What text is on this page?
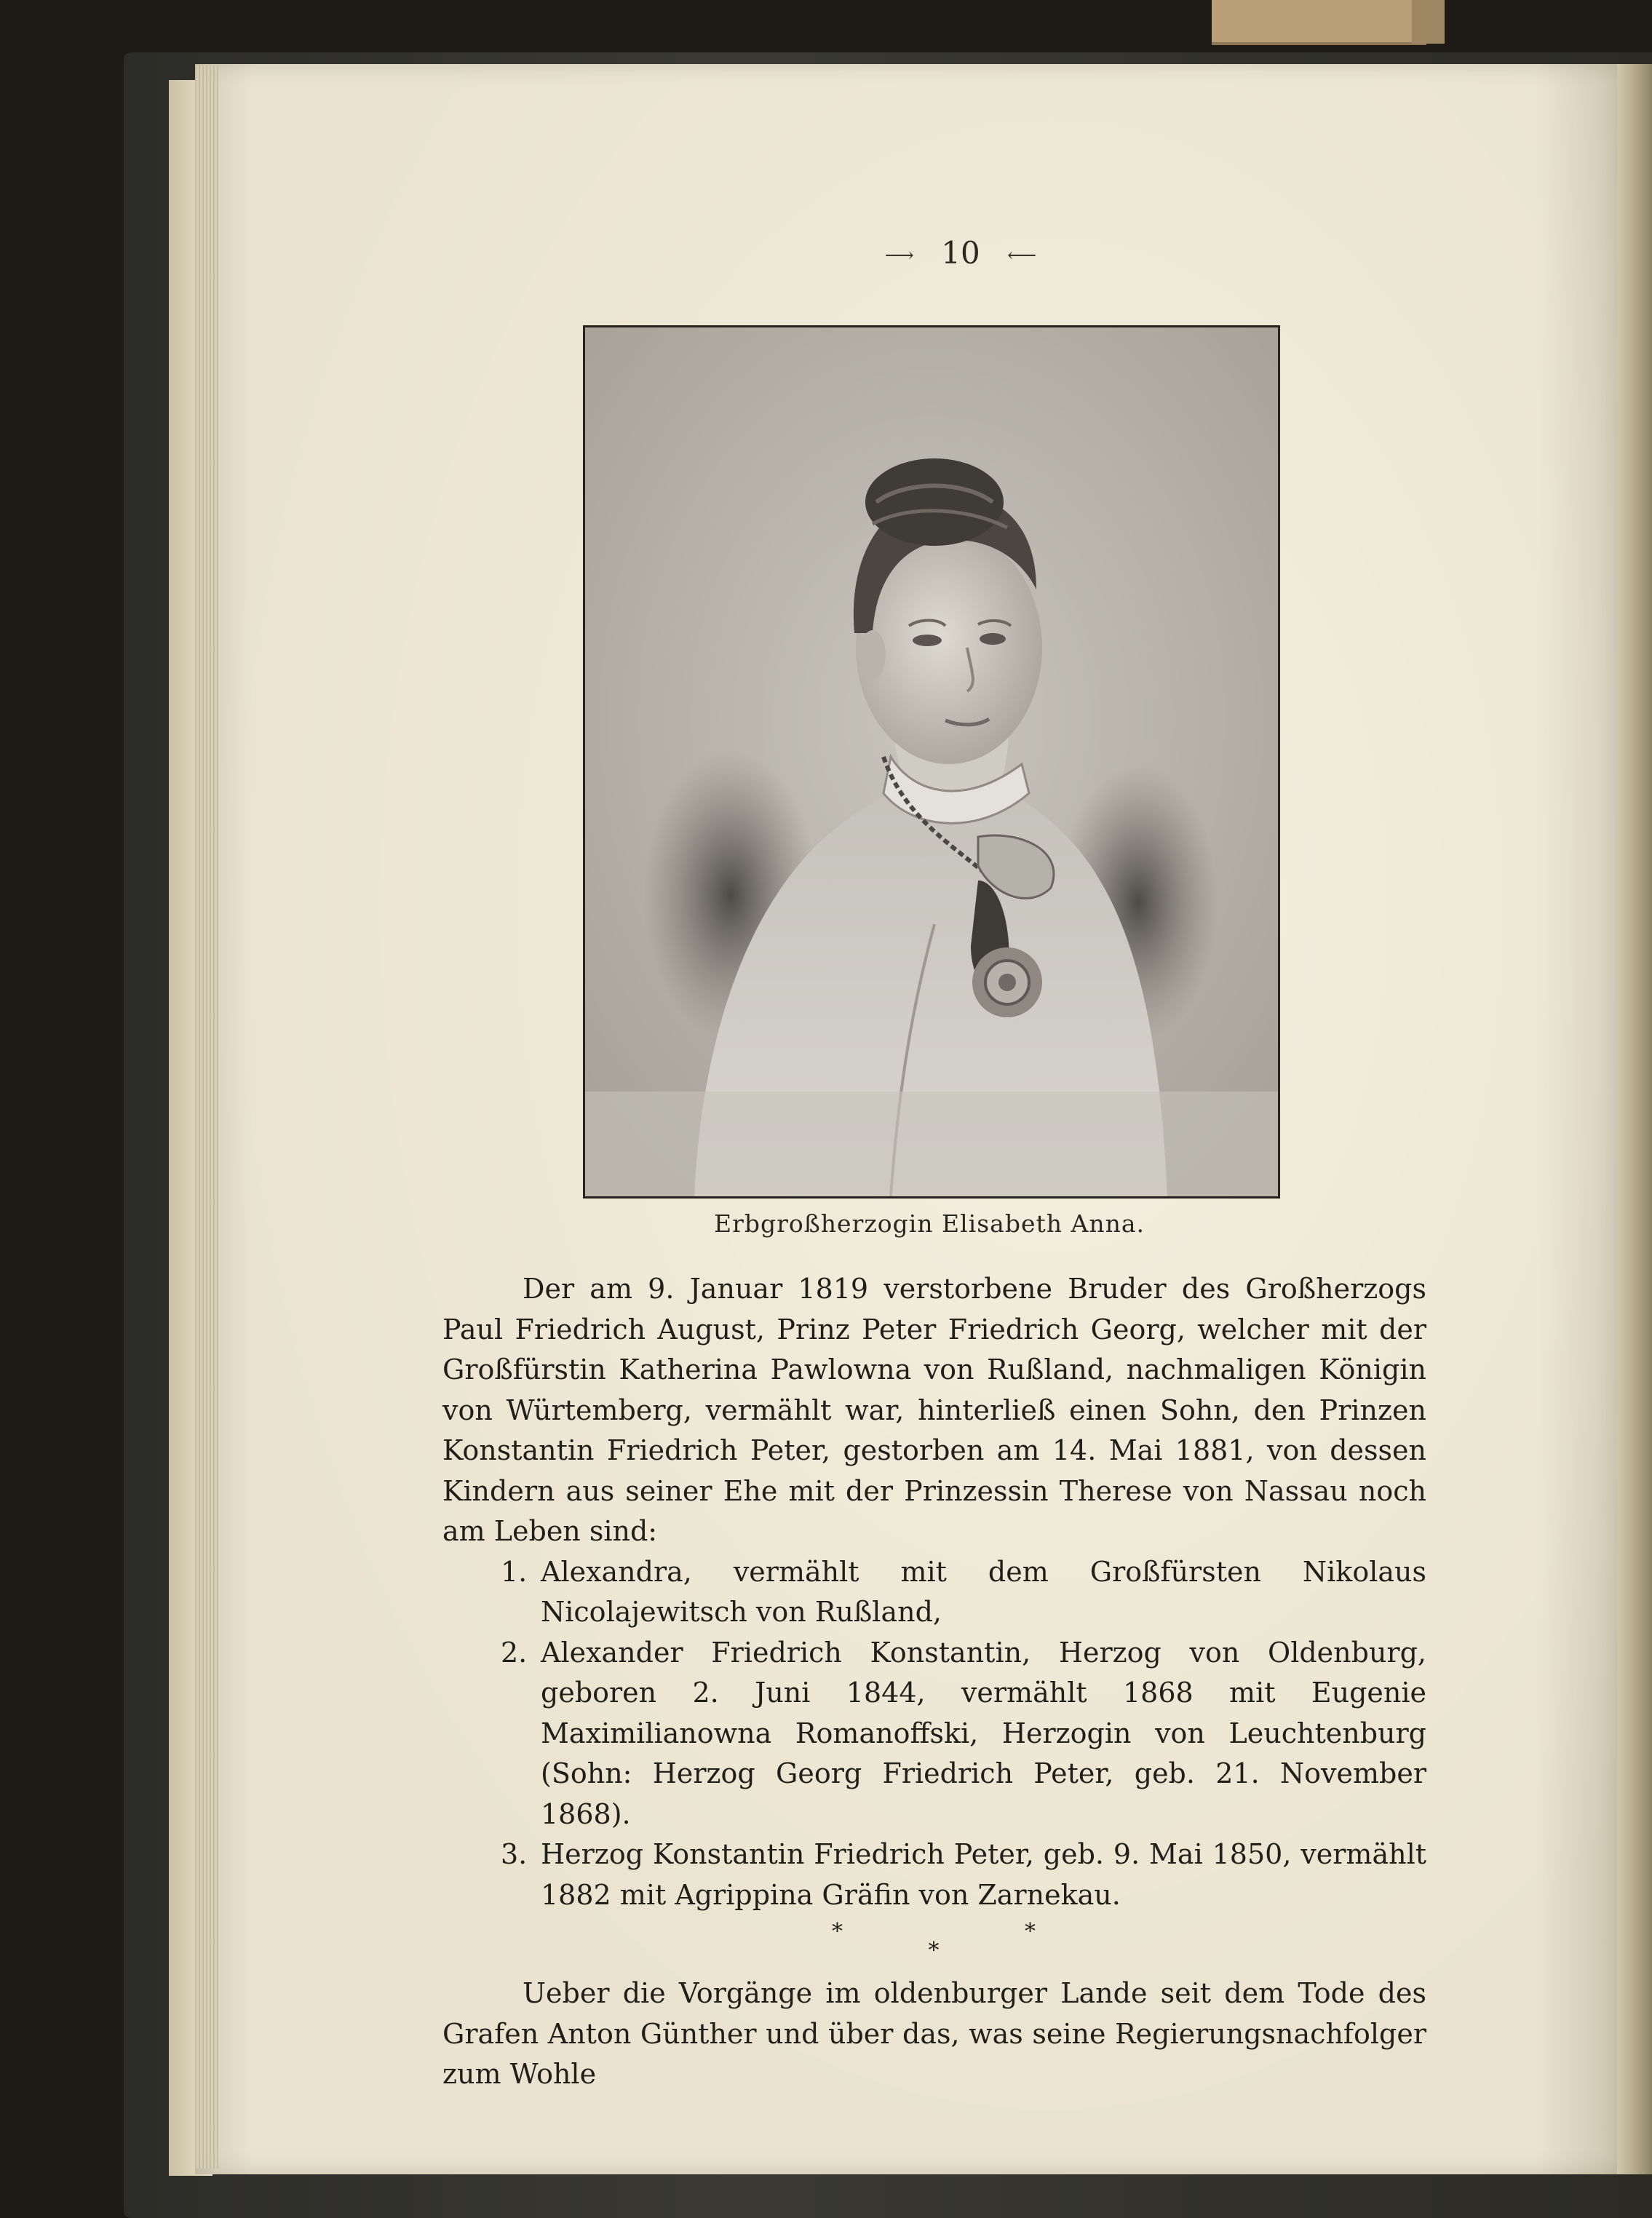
⟶ 10 ⟵
Erbgroßherzogin Elisabeth Anna.

Der am 9. Januar 1819 verstorbene Bruder des Großherzogs Paul Friedrich August, Prinz Peter Friedrich Georg, welcher mit der Großfürstin Katherina Pawlowna von Rußland, nachmaligen Königin von Würtemberg, vermählt war, hinterließ einen Sohn, den Prinzen Konstantin Friedrich Peter, gestorben am 14. Mai 1881, von dessen Kindern aus seiner Ehe mit der Prinzessin Therese von Nassau noch am Leben sind:

1. Alexandra, vermählt mit dem Großfürsten Nikolaus Nicolajewitsch von Rußland,
2. Alexander Friedrich Konstantin, Herzog von Oldenburg, geboren 2. Juni 1844, vermählt 1868 mit Eugenie Maximilianowna Romanoffski, Herzogin von Leuchtenburg (Sohn: Herzog Georg Friedrich Peter, geb. 21. November 1868).
3. Herzog Konstantin Friedrich Peter, geb. 9. Mai 1850, vermählt 1882 mit Agrippina Gräfin von Zarnekau.
* * *

Ueber die Vorgänge im oldenburger Lande seit dem Tode des Grafen Anton Günther und über das, was seine Regierungsnachfolger zum Wohle
